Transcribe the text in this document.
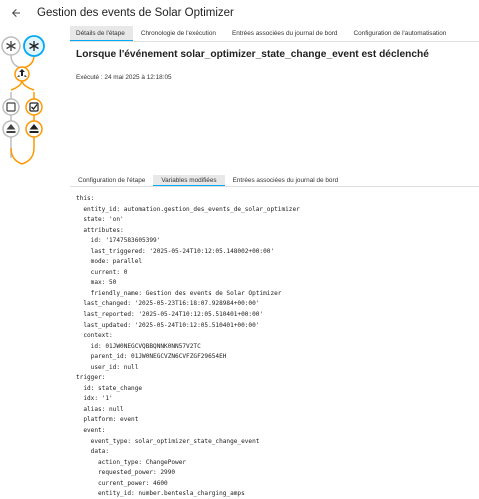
Gestion des events de Solar Optimizer
Détails de l'étape	Chronologie de l'exécution	Entrées associées du journal de bord	Configuration de l'automatisation
Lorsque l'événement solar_optimizer_state_change_event est déclenché
Exécuté : 24 mai 2025 à 12:18:05
Configuration de l'étape	Variables modifiées	Entrées associées du journal de bord
this:
entity_id: automation.gestion_des_events_de_solar_optimizer
state: 'on'
attributes:
id: '1747583605399'
last_triggered: '2025-05-24T10:12:05.148002+00:00'
mode: parallel
current: 0
max: 50
friendly_name: Gestion des events de Solar Optimizer
last_changed: '2025-05-23T16:18:07.928984+00:00'
last_reported: '2025-05-24T10:12:05.510401+00:00'
last_updated: '2025-05-24T10:12:05.510401+00:00'
context:
id: 01JW0NEGCVQBBQNNK0NN57V2TC
parent_id: 01JW0NEGCVZN6CVFZGF29654EH
user_id: null
trigger:
id: state_change
idx: '1'
alias: null
platform: event
event:
event_type: solar_optimizer_state_change_event
data:
action_type: ChangePower
requested_power: 2990
current_power: 4600
entity_id: number.bentesla_charging_amps
